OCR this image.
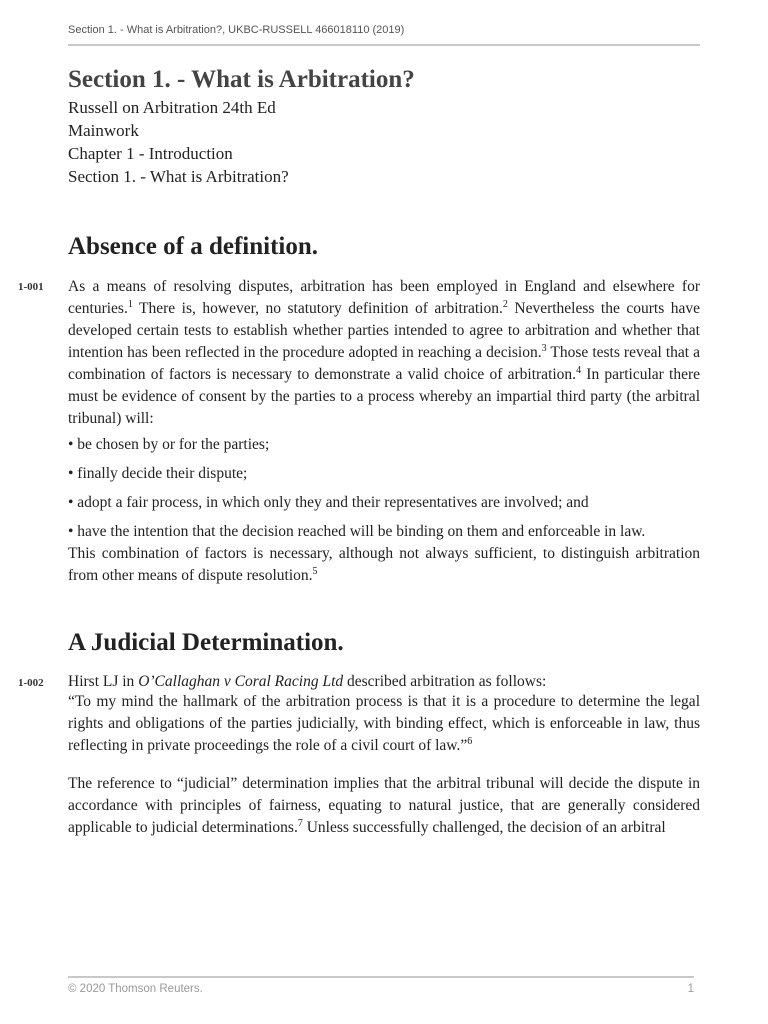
Section 1. - What is Arbitration?, UKBC-RUSSELL 466018110 (2019)
Section 1. - What is Arbitration?
Russell on Arbitration 24th Ed
Mainwork
Chapter 1 - Introduction
Section 1. - What is Arbitration?
Absence of a definition.
1-001 As a means of resolving disputes, arbitration has been employed in England and elsewhere for centuries.$^1$ There is, however, no statutory definition of arbitration.$^2$ Nevertheless the courts have developed certain tests to establish whether parties intended to agree to arbitration and whether that intention has been reflected in the procedure adopted in reaching a decision.$^3$ Those tests reveal that a combination of factors is necessary to demonstrate a valid choice of arbitration.$^4$ In particular there must be evidence of consent by the parties to a process whereby an impartial third party (the arbitral tribunal) will:

• be chosen by or for the parties;

• finally decide their dispute;

• adopt a fair process, in which only they and their representatives are involved; and

• have the intention that the decision reached will be binding on them and enforceable in law.

This combination of factors is necessary, although not always sufficient, to distinguish arbitration from other means of dispute resolution.$^5$

A Judicial Determination.
1-002 Hirst LJ in O’Callaghan v Coral Racing Ltd described arbitration as follows:

“To my mind the hallmark of the arbitration process is that it is a procedure to determine the legal rights and obligations of the parties judicially, with binding effect, which is enforceable in law, thus reflecting in private proceedings the role of a civil court of law.”$^6$

The reference to “judicial” determination implies that the arbitral tribunal will decide the dispute in accordance with principles of fairness, equating to natural justice, that are generally considered applicable to judicial determinations.$^7$ Unless successfully challenged, the decision of an arbitral

© 2020 Thomson Reuters.	1
